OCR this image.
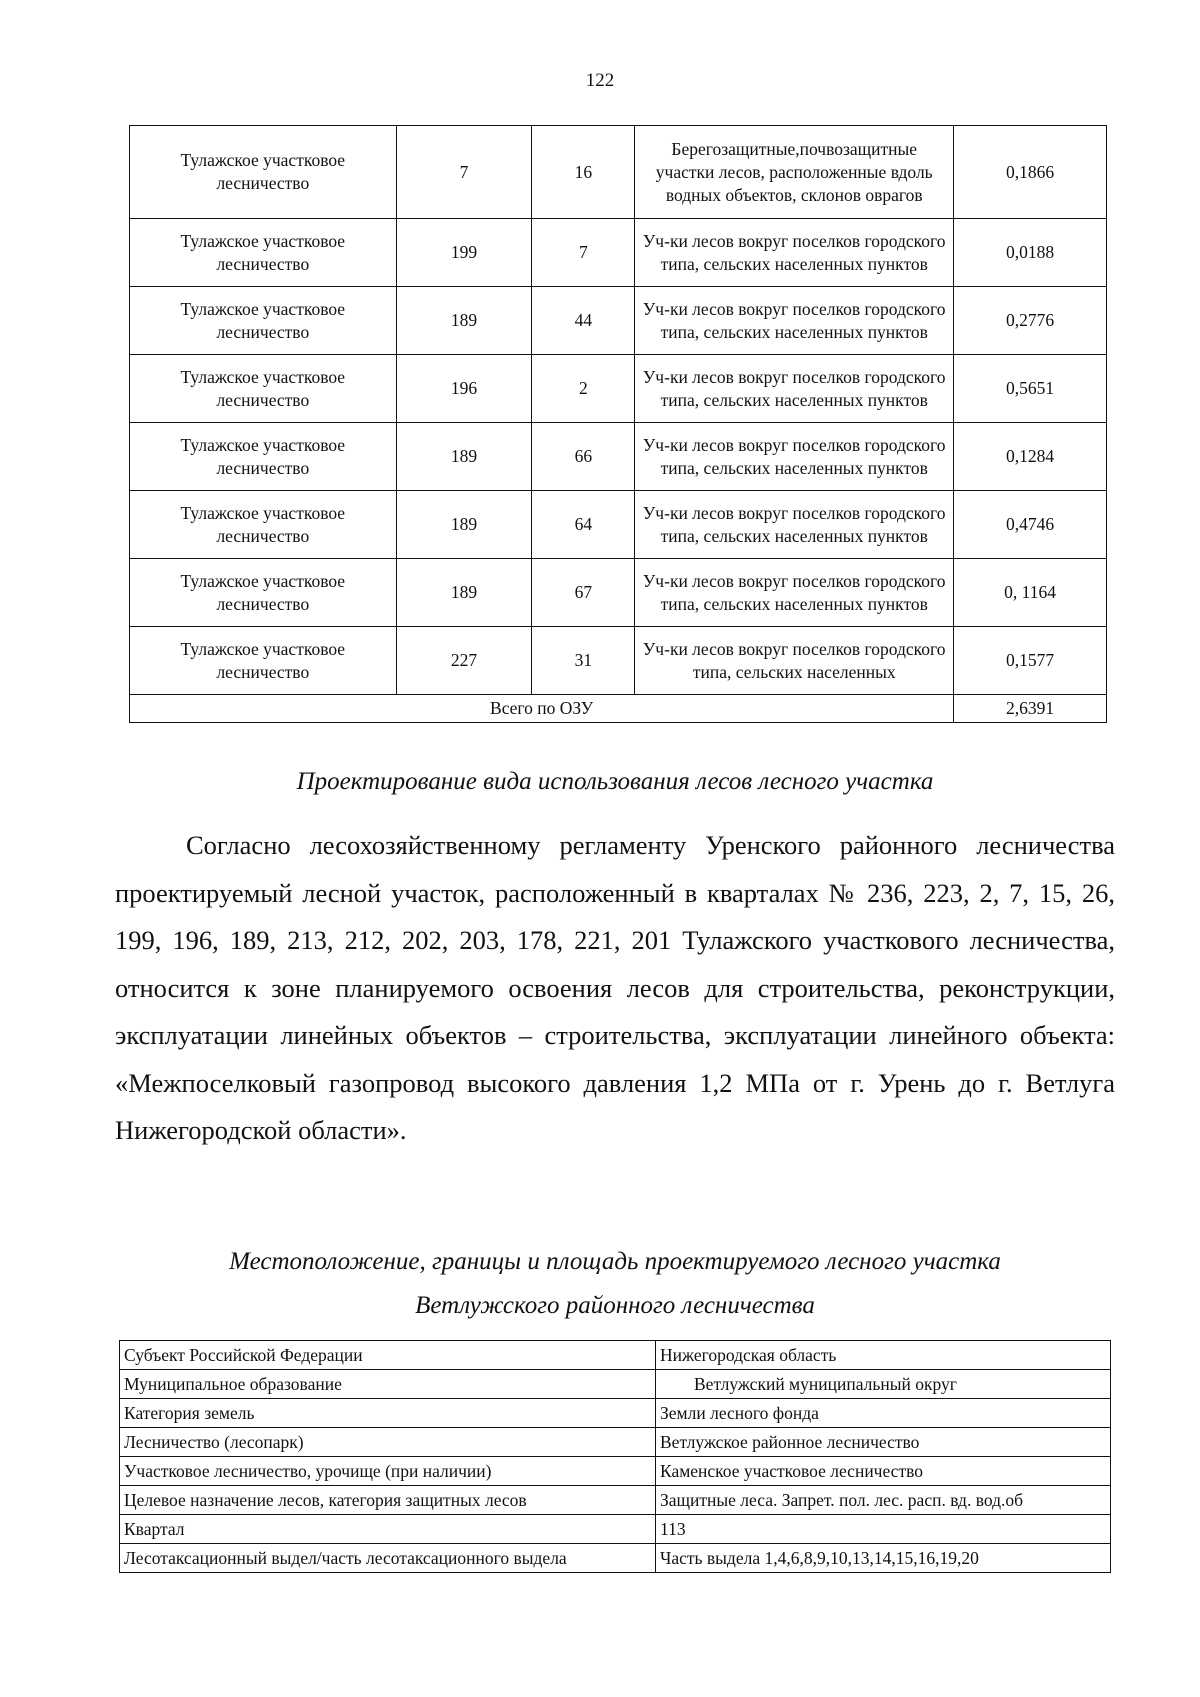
122
Тулажское участковое лесничество	7	16	Берегозащитные,почвозащитные участки лесов, расположенные вдоль водных объектов, склонов оврагов	0,1866
Тулажское участковое лесничество	199	7	Уч-ки лесов вокруг поселков городского типа, сельских населенных пунктов	0,0188
Тулажское участковое лесничество	189	44	Уч-ки лесов вокруг поселков городского типа, сельских населенных пунктов	0,2776
Тулажское участковое лесничество	196	2	Уч-ки лесов вокруг поселков городского типа, сельских населенных пунктов	0,5651
Тулажское участковое лесничество	189	66	Уч-ки лесов вокруг поселков городского типа, сельских населенных пунктов	0,1284
Тулажское участковое лесничество	189	64	Уч-ки лесов вокруг поселков городского типа, сельских населенных пунктов	0,4746
Тулажское участковое лесничество	189	67	Уч-ки лесов вокруг поселков городского типа, сельских населенных пунктов	0, 1164
Тулажское участковое лесничество	227	31	Уч-ки лесов вокруг поселков городского типа, сельских населенных	0,1577
Всего по ОЗУ				2,6391
Проектирование вида использования лесов лесного участка

Согласно лесохозяйственному регламенту Уренского районного лесничества проектируемый лесной участок, расположенный в кварталах № 236, 223, 2, 7, 15, 26, 199, 196, 189, 213, 212, 202, 203, 178, 221, 201 Тулажского участкового лесничества, относится к зоне планируемого освоения лесов для строительства, реконструкции, эксплуатации линейных объектов – строительства, эксплуатации линейного объекта: «Межпоселковый газопровод высокого давления 1,2 МПа от г. Урень до г. Ветлуга Нижегородской области».

Местоположение, границы и площадь проектируемого лесного участка
Ветлужского районного лесничества
Субъект Российской Федерации	Нижегородская область
Муниципальное образование	Ветлужский муниципальный округ
Категория земель	Земли лесного фонда
Лесничество (лесопарк)	Ветлужское районное лесничество
Участковое лесничество, урочище (при наличии)	Каменское участковое лесничество
Целевое назначение лесов, категория защитных лесов	Защитные леса. Запрет. пол. лес. расп. вд. вод.об
Квартал	113
Лесотаксационный выдел/часть лесотаксационного выдела	Часть выдела 1,4,6,8,9,10,13,14,15,16,19,20
